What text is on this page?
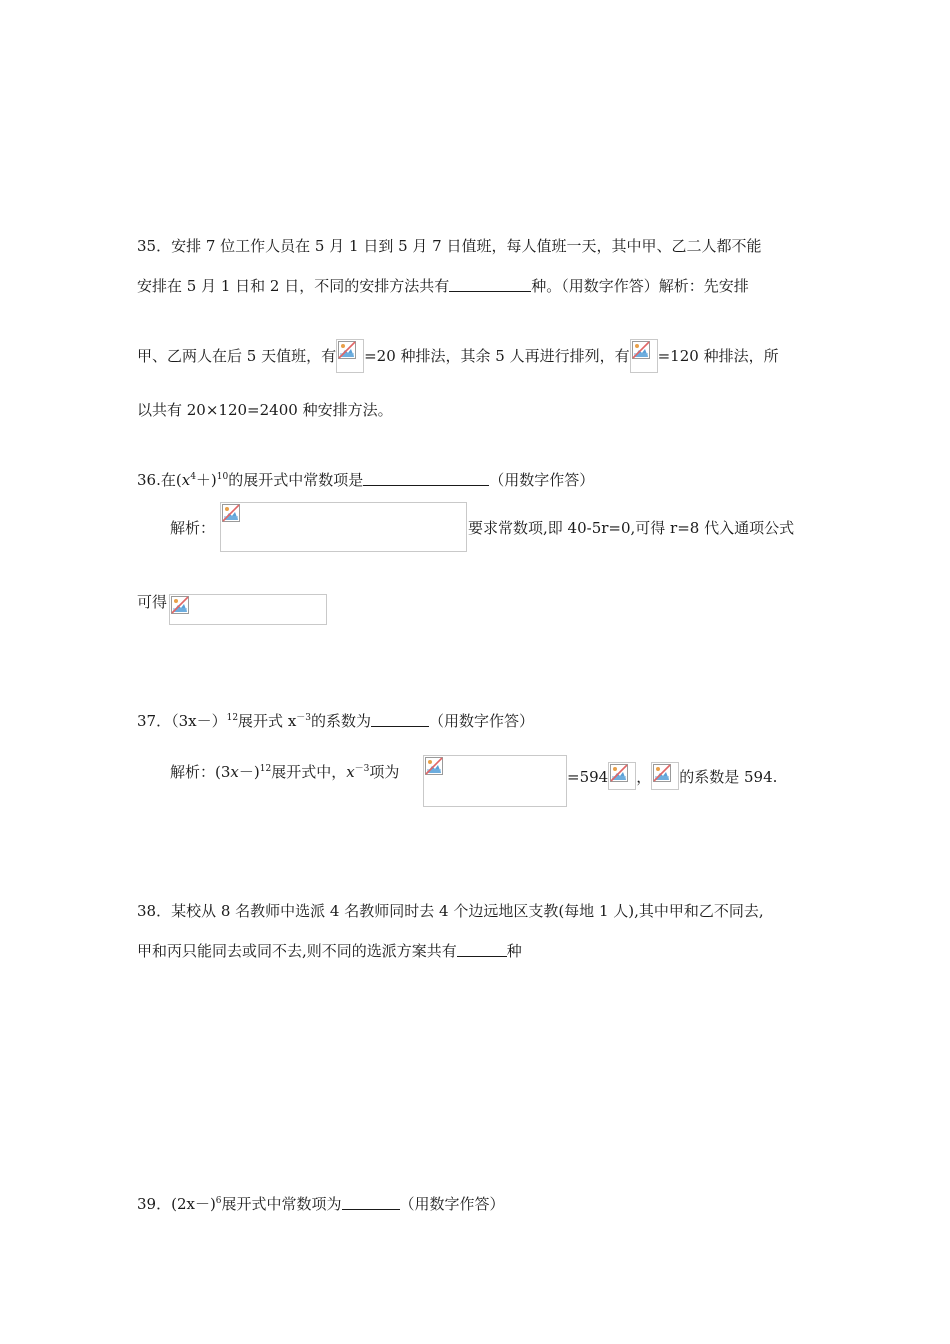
35．安排 7 位工作人员在 5 月 1 日到 5 月 7 日值班，每人值班一天，其中甲、乙二人都不能
安排在 5 月 1 日和 2 日，不同的安排方法共有	种。（用数字作答）解析：先安排
甲、乙两人在后 5 天值班，有 =20 种排法，其余 5 人再进行排列，有 =120 种排法，所
以共有 20×120=2400 种安排方法。
36.在$(x^4+)^{10}$的展开式中常数项是	（用数字作答）
解析：	要求常数项,即 40-5r=0,可得 r=8 代入通项公式
可得
37．$(3x-)^{12}$展开式 $x^{-3}$的系数为	（用数字作答）
解析：$(3x-)^{12}$展开式中，$x^{-3}$项为	=594 ， 的系数是 594.
38．某校从 8 名教师中选派 4 名教师同时去 4 个边远地区支教(每地 1 人),其中甲和乙不同去,
甲和丙只能同去或同不去,则不同的选派方案共有	种
39．$(2x-)^6$展开式中常数项为	（用数字作答）
